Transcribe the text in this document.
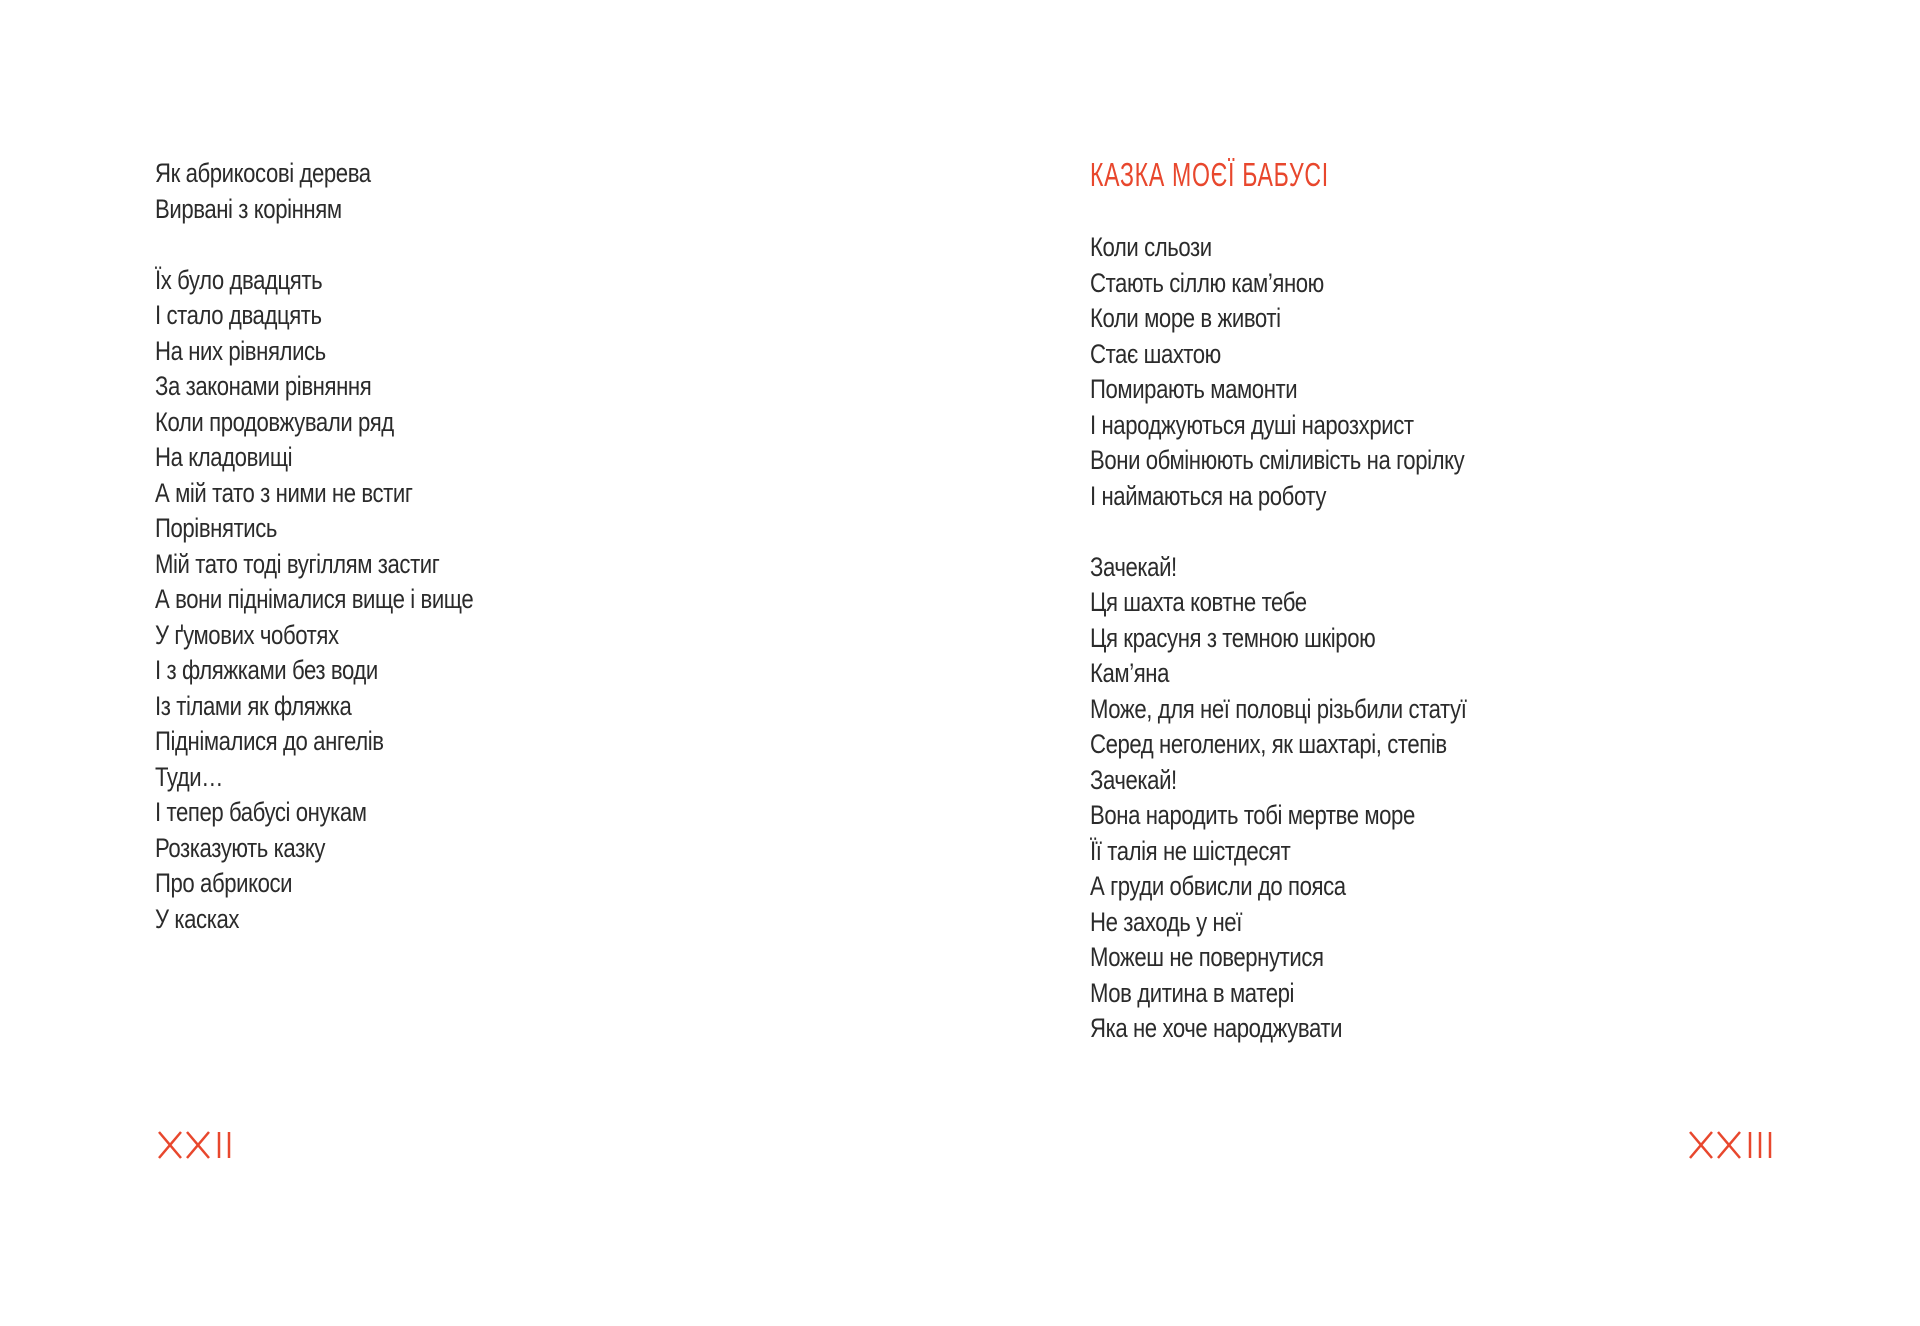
Як абрикосові дерева
Вирвані з корінням
Їх було двадцять
І стало двадцять
На них рівнялись
За законами рівняння
Коли продовжували ряд
На кладовищі
А мій тато з ними не встиг
Порівнятись
Мій тато тоді вугіллям застиг
А вони піднімалися вище і вище
У ґумових чоботях
І з фляжками без води
Із тілами як фляжка
Піднімалися до ангелів
Туди…
І тепер бабусі онукам
Розказують казку
Про абрикоси
У касках
КАЗКА МОЄЇ БАБУСІ
Коли сльози
Стають сіллю кам’яною
Коли море в животі
Стає шахтою
Помирають мамонти
І народжуються душі нарозхрист
Вони обмінюють сміливість на горілку
І наймаються на роботу
Зачекай!
Ця шахта ковтне тебе
Ця красуня з темною шкірою
Кам’яна
Може, для неї половці різьбили статуї
Серед неголених, як шахтарі, степів
Зачекай!
Вона народить тобі мертве море
Її талія не шістдесят
А груди обвисли до пояса
Не заходь у неї
Можеш не повернутися
Мов дитина в матері
Яка не хоче народжувати
